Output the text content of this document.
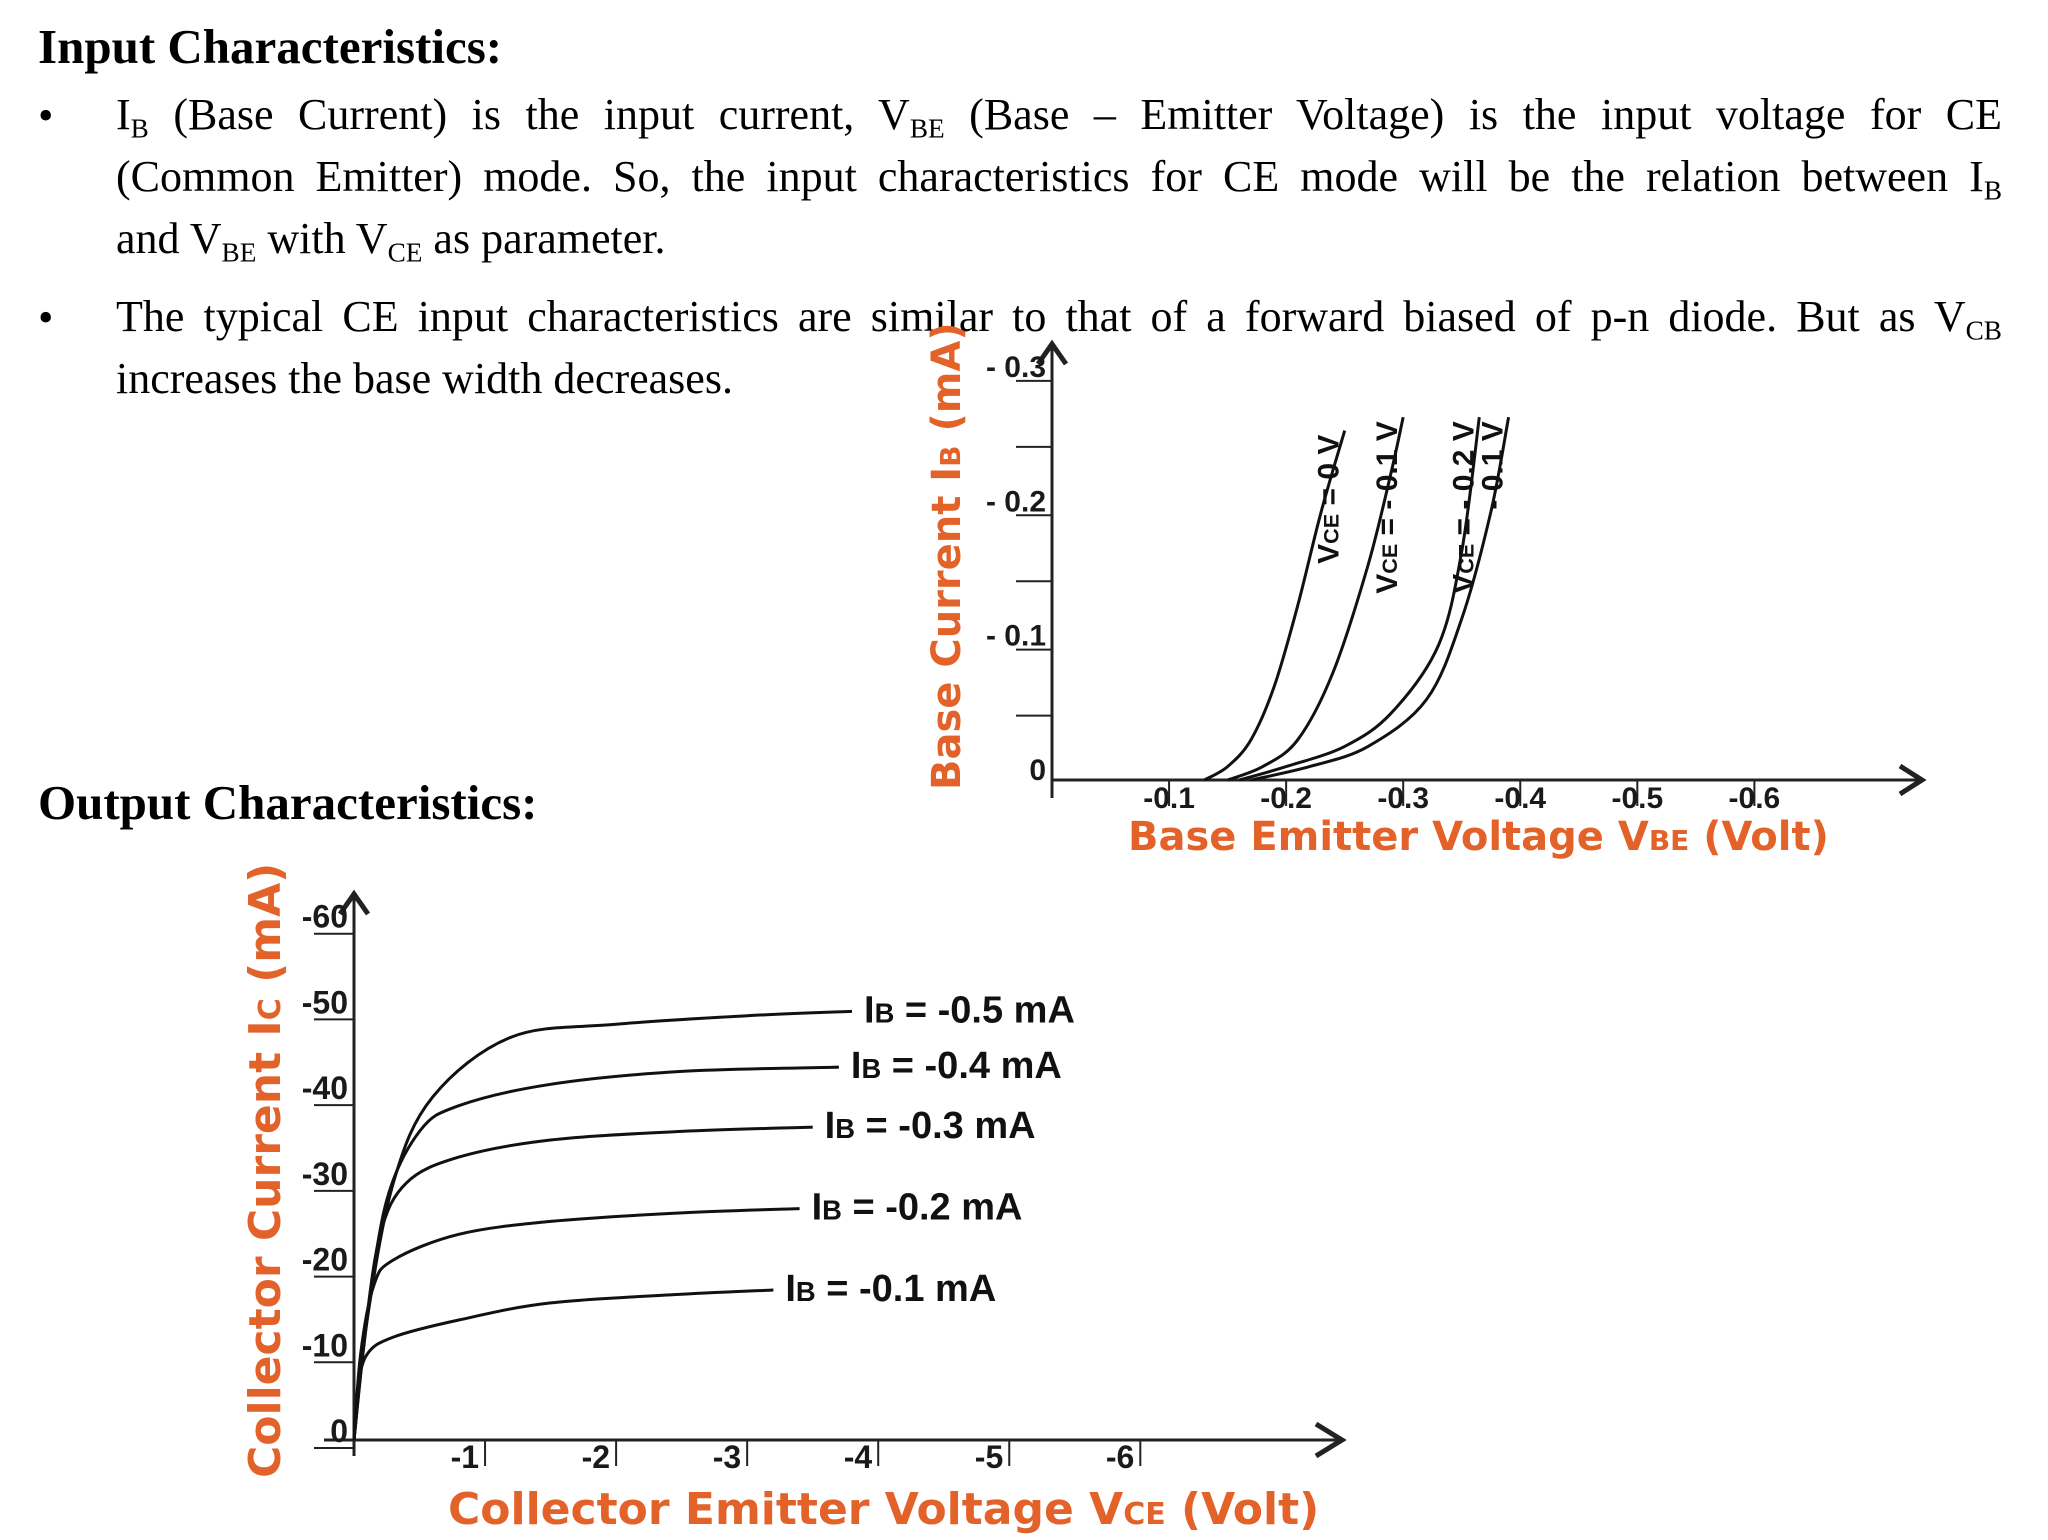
Input Characteristics:
• $I_B$ (Base Current) is the input current, $V_{BE}$ (Base – Emitter Voltage) is the input voltage for CE
(Common Emitter) mode. So, the input characteristics for CE mode will be the relation between $I_B$
and $V_{BE}$ with $V_{CE}$ as parameter.
• The typical CE input characteristics are similar to that of a forward biased of p-n diode. But as $V_{CB}$
increases the base width decreases.
Output Characteristics:	-0.1 -0.2 -0.3 -0.4 -0.5 -0.6
0
- 0.1
- 0.2
- 0.3
VCE = 0 V
VCE = - 0.1 V
VCE = - 0.2 V
- 0.1 V
Base Current IB (mA)
Base Emitter Voltage VBE (Volt)
-1	-2	-3	-4	-5	-6
0
-10
-20
-30
-40
-50
-60
IB = -0.1 mA
IB = -0.2 mA
IB = -0.3 mA
IB = -0.4 mA
IB = -0.5 mA
Collector Current IC (mA)
Collector Emitter Voltage VCE (Volt)
